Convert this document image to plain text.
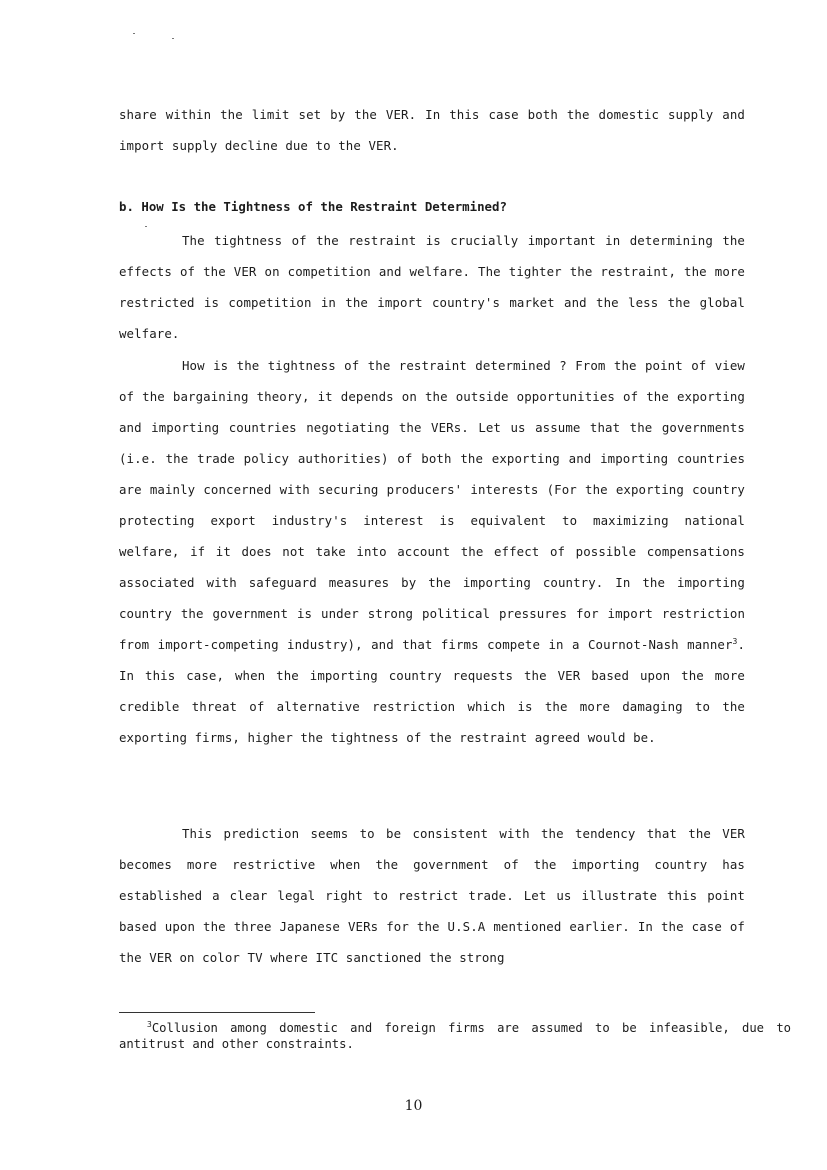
share within the limit set by the VER. In this case both the domestic supply and import supply decline due to the VER.

b. How Is the Tightness of the Restraint Determined?

The tightness of the restraint is crucially important in determining the effects of the VER on competition and welfare. The tighter the restraint, the more restricted is competition in the import country's market and the less the global welfare.

How is the tightness of the restraint determined ? From the point of view of the bargaining theory, it depends on the outside opportunities of the exporting and importing countries negotiating the VERs. Let us assume that the governments (i.e. the trade policy authorities) of both the exporting and importing countries are mainly concerned with securing producers' interests (For the exporting country protecting export industry's interest is equivalent to maximizing national welfare, if it does not take into account the effect of possible compensations associated with safeguard measures by the importing country. In the importing country the government is under strong political pressures for import restriction from import-competing industry), and that firms compete in a Cournot-Nash manner$^3$. In this case, when the importing country requests the VER based upon the more credible threat of alternative restriction which is the more damaging to the exporting firms, higher the tightness of the restraint agreed would be.

This prediction seems to be consistent with the tendency that the VER becomes more restrictive when the government of the importing country has established a clear legal right to restrict trade. Let us illustrate this point based upon the three Japanese VERs for the U.S.A mentioned earlier. In the case of the VER on color TV where ITC sanctioned the strong

$^3$Collusion among domestic and foreign firms are assumed to be infeasible, due to antitrust and other constraints.

10
